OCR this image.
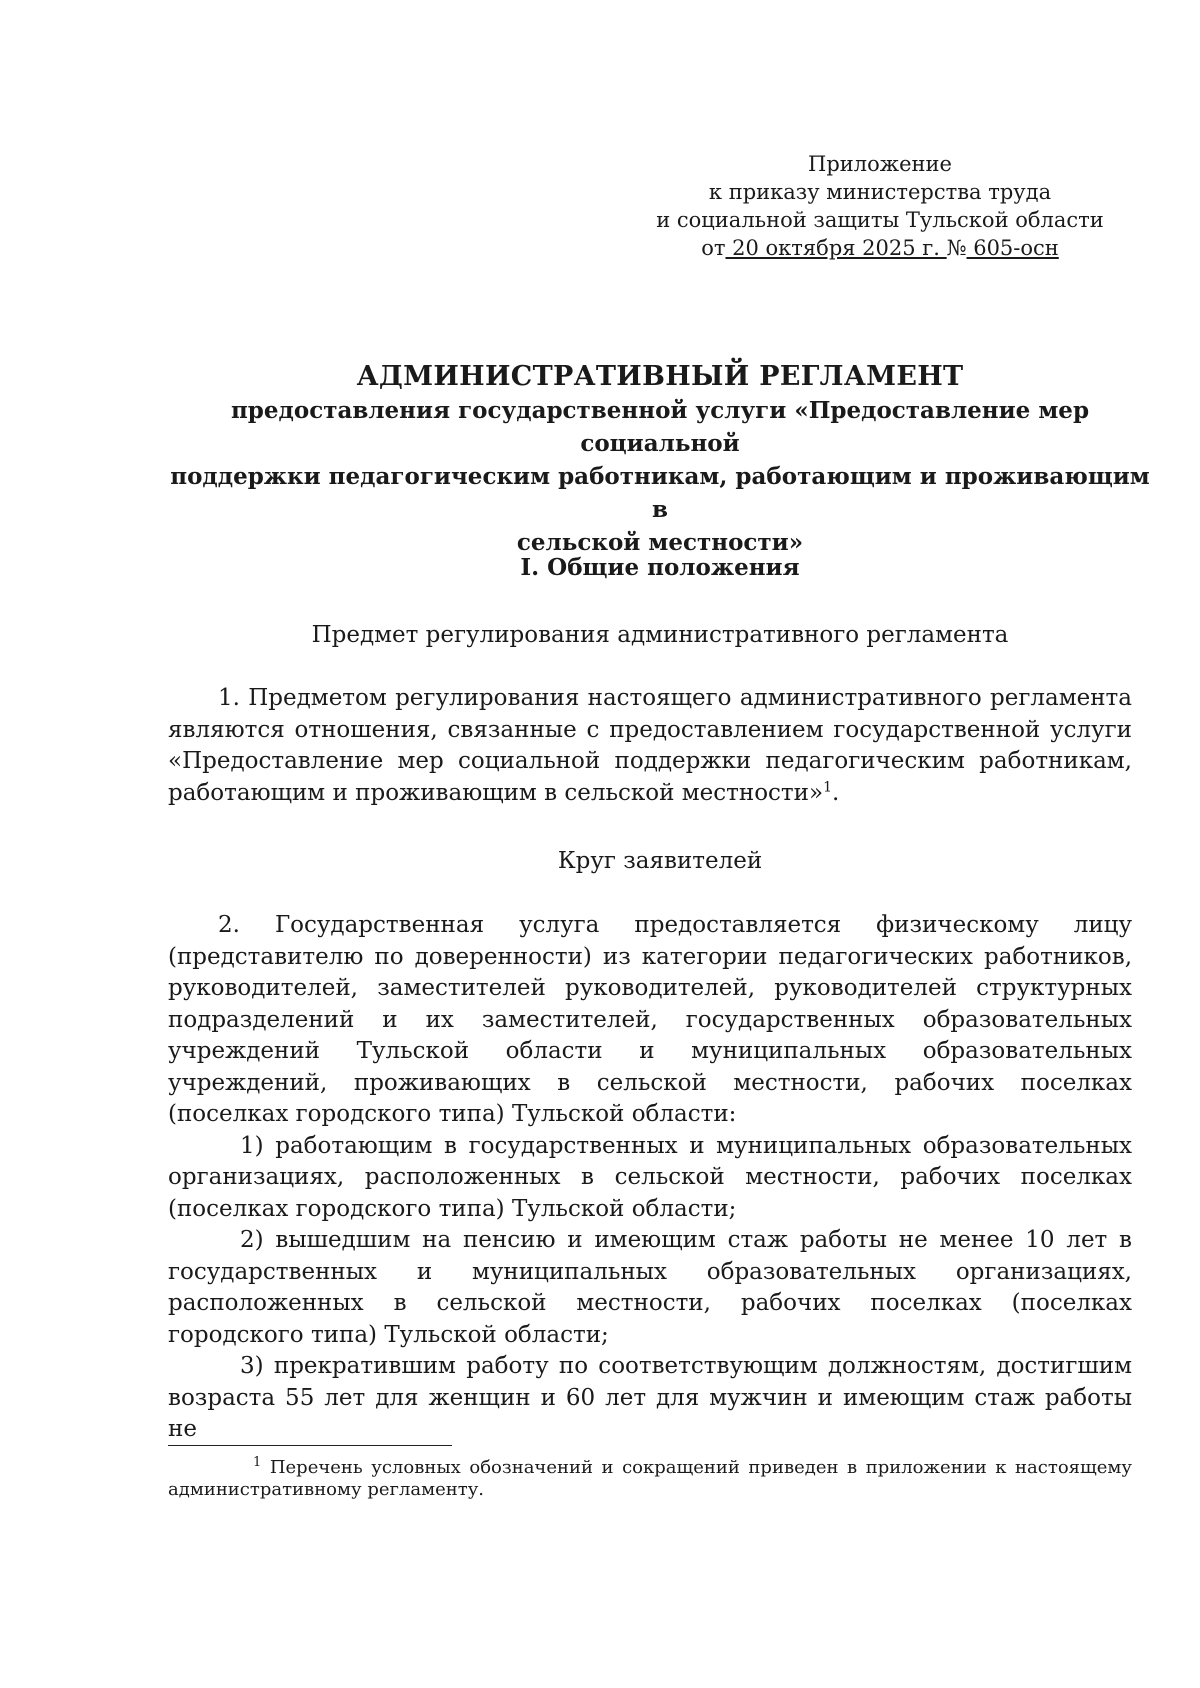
Приложение
к приказу министерства труда
и социальной защиты Тульской области
от 20 октября 2025 г. № 605-осн
АДМИНИСТРАТИВНЫЙ РЕГЛАМЕНТ
предоставления государственной услуги «Предоставление мер социальной
поддержки педагогическим работникам, работающим и проживающим в
сельской местности»
I. Общие положения
Предмет регулирования административного регламента

1. Предметом регулирования настоящего административного регламента являются отношения, связанные с предоставлением государственной услуги «Предоставление мер социальной поддержки педагогическим работникам, работающим и проживающим в сельской местности»$^1$.

Круг заявителей

2. Государственная услуга предоставляется физическому лицу (представителю по доверенности) из категории педагогических работников, руководителей, заместителей руководителей, руководителей структурных подразделений и их заместителей, государственных образовательных учреждений Тульской области и муниципальных образовательных учреждений, проживающих в сельской местности, рабочих поселках (поселках городского типа) Тульской области:

1) работающим в государственных и муниципальных образовательных организациях, расположенных в сельской местности, рабочих поселках (поселках городского типа) Тульской области;

2) вышедшим на пенсию и имеющим стаж работы не менее 10 лет в государственных и муниципальных образовательных организациях, расположенных в сельской местности, рабочих поселках (поселках городского типа) Тульской области;

3) прекратившим работу по соответствующим должностям, достигшим возраста 55 лет для женщин и 60 лет для мужчин и имеющим стаж работы не

$^1$ Перечень условных обозначений и сокращений приведен в приложении к настоящему административному регламенту.
